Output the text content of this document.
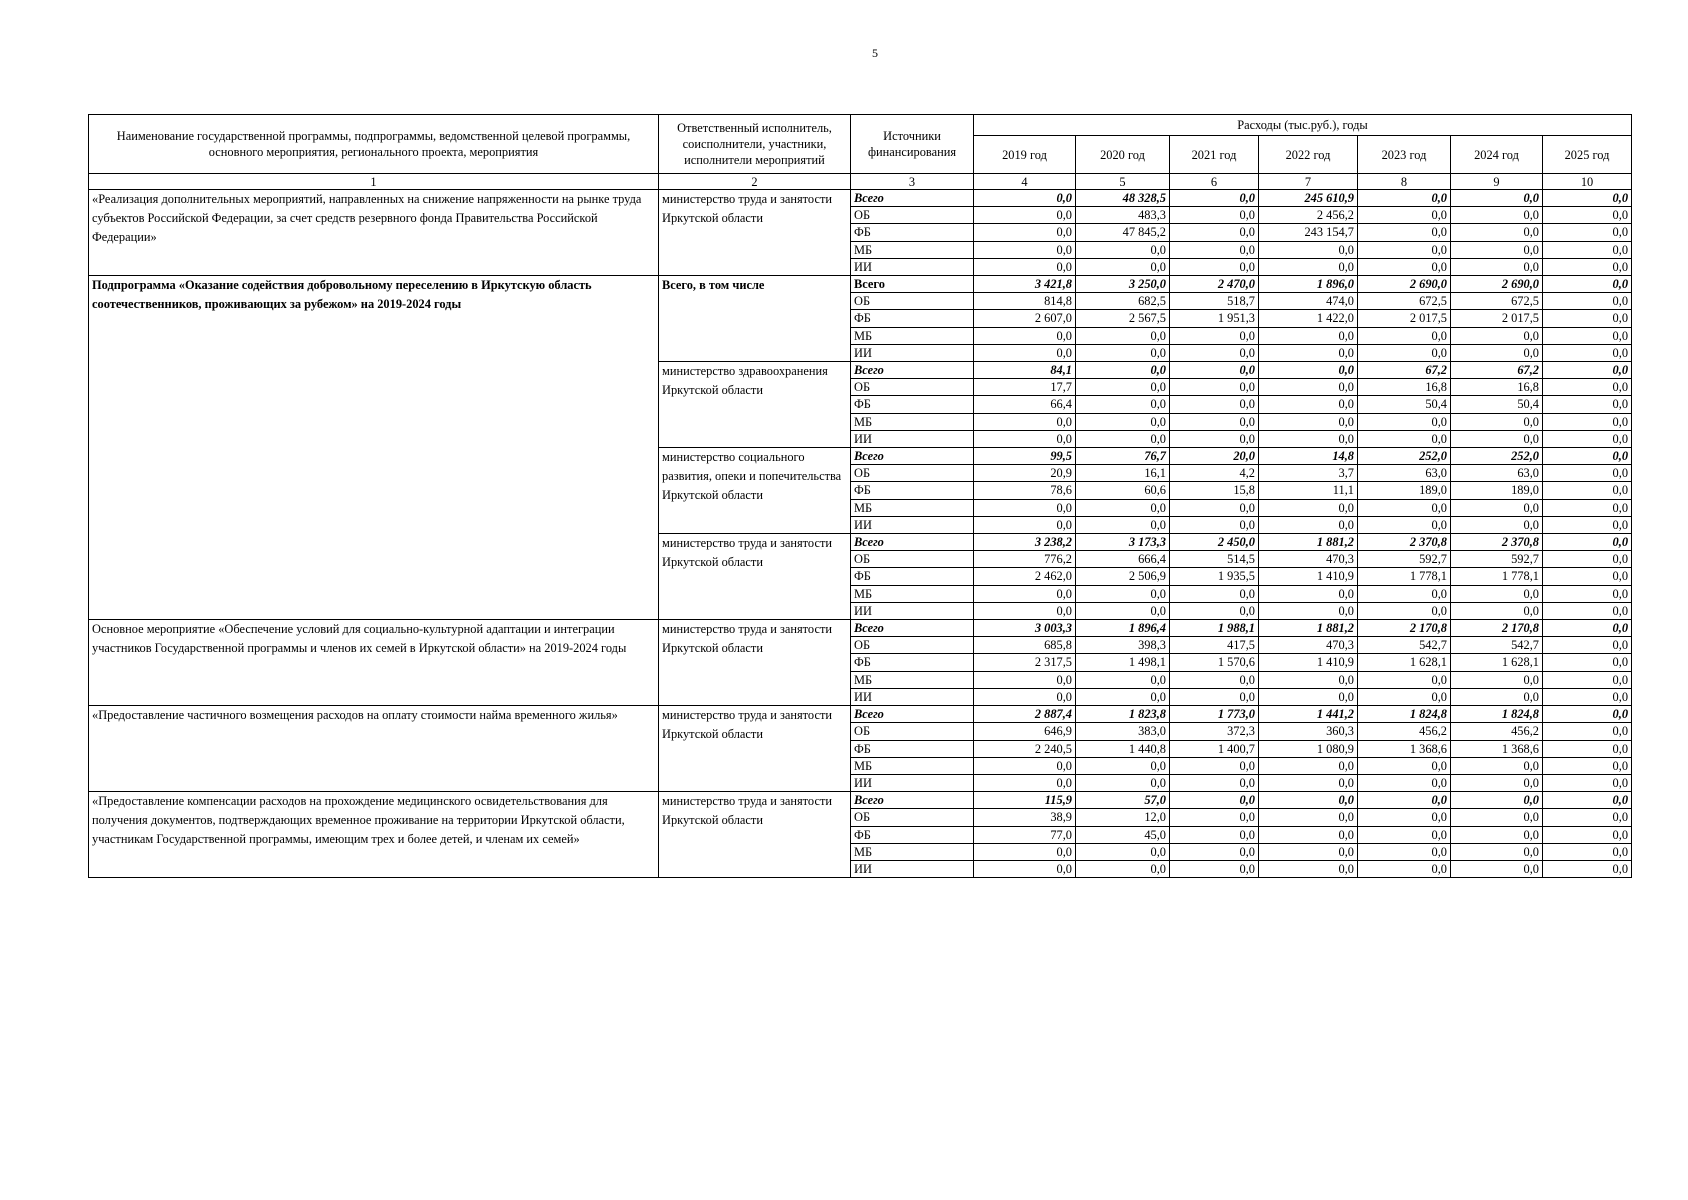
5
Наименование государственной программы, подпрограммы, ведомственной целевой программы, основного мероприятия, регионального проекта, мероприятия	Ответственный исполнитель, соисполнители, участники, исполнители мероприятий	Источники финансирования	Расходы (тыс.руб.), годы						
			2019 год	2020 год	2021 год	2022 год	2023 год	2024 год	2025 год
1	2	3	4	5	6	7	8	9	10
«Реализация дополнительных мероприятий, направленных на снижение напряженности на рынке труда субъектов Российской Федерации, за счет средств резервного фонда Правительства Российской Федерации»	министерство труда и занятости Иркутской области	Всего	0,0	48 328,5	0,0	245 610,9	0,0	0,0	0,0
		ОБ	0,0	483,3	0,0	2 456,2	0,0	0,0	0,0
		ФБ	0,0	47 845,2	0,0	243 154,7	0,0	0,0	0,0
		МБ	0,0	0,0	0,0	0,0	0,0	0,0	0,0
		ИИ	0,0	0,0	0,0	0,0	0,0	0,0	0,0
Подпрограмма «Оказание содействия добровольному переселению в Иркутскую область соотечественников, проживающих за рубежом» на 2019-2024 годы	Всего, в том числе	Всего	3 421,8	3 250,0	2 470,0	1 896,0	2 690,0	2 690,0	0,0
		ОБ	814,8	682,5	518,7	474,0	672,5	672,5	0,0
		ФБ	2 607,0	2 567,5	1 951,3	1 422,0	2 017,5	2 017,5	0,0
		МБ	0,0	0,0	0,0	0,0	0,0	0,0	0,0
		ИИ	0,0	0,0	0,0	0,0	0,0	0,0	0,0
	министерство здравоохранения Иркутской области	Всего	84,1	0,0	0,0	0,0	67,2	67,2	0,0
		ОБ	17,7	0,0	0,0	0,0	16,8	16,8	0,0
		ФБ	66,4	0,0	0,0	0,0	50,4	50,4	0,0
		МБ	0,0	0,0	0,0	0,0	0,0	0,0	0,0
		ИИ	0,0	0,0	0,0	0,0	0,0	0,0	0,0
	министерство социального развития, опеки и попечительства Иркутской области	Всего	99,5	76,7	20,0	14,8	252,0	252,0	0,0
		ОБ	20,9	16,1	4,2	3,7	63,0	63,0	0,0
		ФБ	78,6	60,6	15,8	11,1	189,0	189,0	0,0
		МБ	0,0	0,0	0,0	0,0	0,0	0,0	0,0
		ИИ	0,0	0,0	0,0	0,0	0,0	0,0	0,0
	министерство труда и занятости Иркутской области	Всего	3 238,2	3 173,3	2 450,0	1 881,2	2 370,8	2 370,8	0,0
		ОБ	776,2	666,4	514,5	470,3	592,7	592,7	0,0
		ФБ	2 462,0	2 506,9	1 935,5	1 410,9	1 778,1	1 778,1	0,0
		МБ	0,0	0,0	0,0	0,0	0,0	0,0	0,0
		ИИ	0,0	0,0	0,0	0,0	0,0	0,0	0,0
Основное мероприятие «Обеспечение условий для социально-культурной адаптации и интеграции участников Государственной программы и членов их семей в Иркутской области» на 2019-2024 годы	министерство труда и занятости Иркутской области	Всего	3 003,3	1 896,4	1 988,1	1 881,2	2 170,8	2 170,8	0,0
		ОБ	685,8	398,3	417,5	470,3	542,7	542,7	0,0
		ФБ	2 317,5	1 498,1	1 570,6	1 410,9	1 628,1	1 628,1	0,0
		МБ	0,0	0,0	0,0	0,0	0,0	0,0	0,0
		ИИ	0,0	0,0	0,0	0,0	0,0	0,0	0,0
«Предоставление частичного возмещения расходов на оплату стоимости найма временного жилья»	министерство труда и занятости Иркутской области	Всего	2 887,4	1 823,8	1 773,0	1 441,2	1 824,8	1 824,8	0,0
		ОБ	646,9	383,0	372,3	360,3	456,2	456,2	0,0
		ФБ	2 240,5	1 440,8	1 400,7	1 080,9	1 368,6	1 368,6	0,0
		МБ	0,0	0,0	0,0	0,0	0,0	0,0	0,0
		ИИ	0,0	0,0	0,0	0,0	0,0	0,0	0,0
«Предоставление компенсации расходов на прохождение медицинского освидетельствования для получения документов, подтверждающих временное проживание на территории Иркутской области, участникам Государственной программы, имеющим трех и более детей, и членам их семей»	министерство труда и занятости Иркутской области	Всего	115,9	57,0	0,0	0,0	0,0	0,0	0,0
		ОБ	38,9	12,0	0,0	0,0	0,0	0,0	0,0
		ФБ	77,0	45,0	0,0	0,0	0,0	0,0	0,0
		МБ	0,0	0,0	0,0	0,0	0,0	0,0	0,0
		ИИ	0,0	0,0	0,0	0,0	0,0	0,0	0,0
